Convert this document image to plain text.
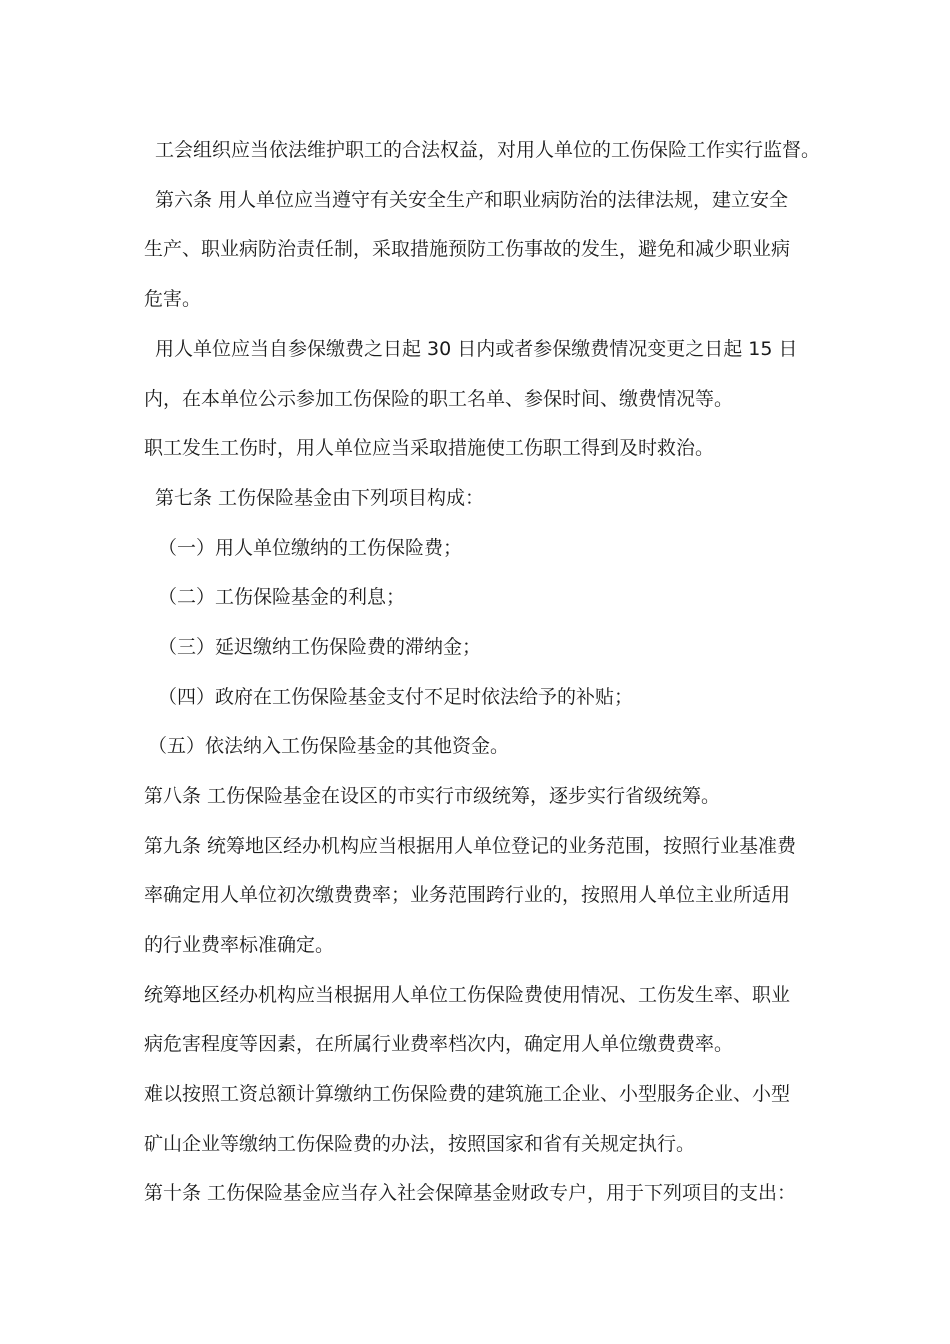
工会组织应当依法维护职工的合法权益，对用人单位的工伤保险工作实行监督。
第六条 用人单位应当遵守有关安全生产和职业病防治的法律法规，建立安全
生产、职业病防治责任制，采取措施预防工伤事故的发生，避免和减少职业病
危害。
用人单位应当自参保缴费之日起 30 日内或者参保缴费情况变更之日起 15 日
内，在本单位公示参加工伤保险的职工名单、参保时间、缴费情况等。
职工发生工伤时，用人单位应当采取措施使工伤职工得到及时救治。
第七条 工伤保险基金由下列项目构成：
（一）用人单位缴纳的工伤保险费；
（二）工伤保险基金的利息；
（三）延迟缴纳工伤保险费的滞纳金；
（四）政府在工伤保险基金支付不足时依法给予的补贴；
（五）依法纳入工伤保险基金的其他资金。
第八条 工伤保险基金在设区的市实行市级统筹，逐步实行省级统筹。
第九条 统筹地区经办机构应当根据用人单位登记的业务范围，按照行业基准费
率确定用人单位初次缴费费率；业务范围跨行业的，按照用人单位主业所适用
的行业费率标准确定。
统筹地区经办机构应当根据用人单位工伤保险费使用情况、工伤发生率、职业
病危害程度等因素，在所属行业费率档次内，确定用人单位缴费费率。
难以按照工资总额计算缴纳工伤保险费的建筑施工企业、小型服务企业、小型
矿山企业等缴纳工伤保险费的办法，按照国家和省有关规定执行。
第十条 工伤保险基金应当存入社会保障基金财政专户，用于下列项目的支出：
